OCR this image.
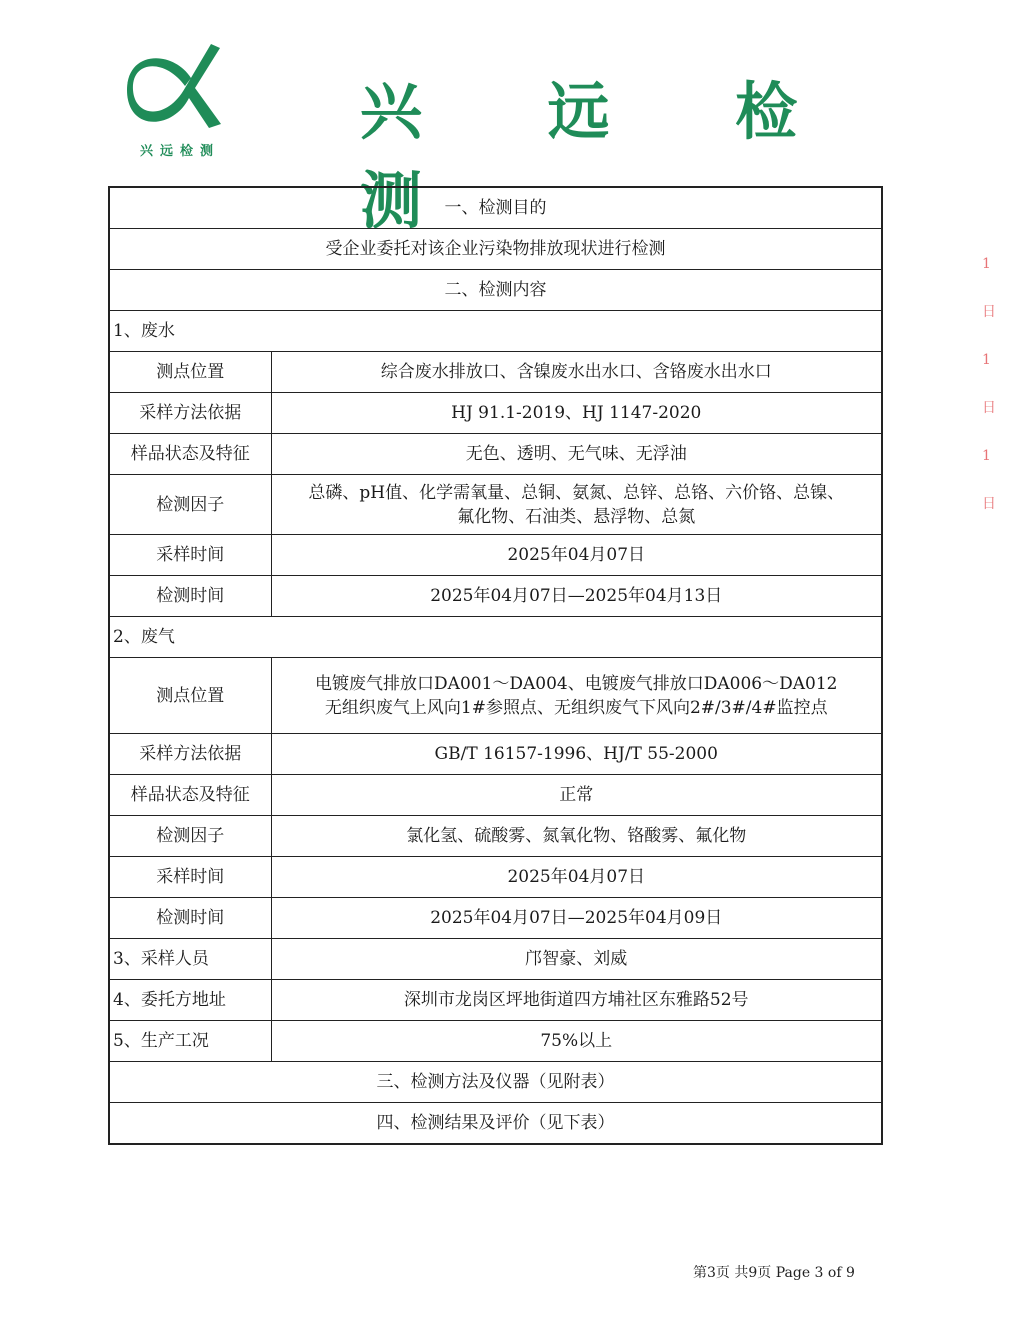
兴远检测
兴 远 检 测
1日 1日 1日
一、检测目的	
受企业委托对该企业污染物排放现状进行检测	
二、检测内容	
1、废水	
测点位置	综合废水排放口、含镍废水出水口、含铬废水出水口
采样方法依据	HJ 91.1-2019、HJ 1147-2020
样品状态及特征	无色、透明、无气味、无浮油
检测因子	总磷、pH值、化学需氧量、总铜、氨氮、总锌、总铬、六价铬、总镍、
氟化物、石油类、悬浮物、总氮

采样时间	2025年04月07日
检测时间	2025年04月07日—2025年04月13日
2、废气	
测点位置	电镀废气排放口DA001～DA004、电镀废气排放口DA006～DA012
无组织废气上风向1#参照点、无组织废气下风向2#/3#/4#监控点

采样方法依据	GB/T 16157-1996、HJ/T 55-2000
样品状态及特征	正常
检测因子	氯化氢、硫酸雾、氮氧化物、铬酸雾、氟化物
采样时间	2025年04月07日
检测时间	2025年04月07日—2025年04月09日
3、采样人员	邝智豪、刘威
4、委托方地址	深圳市龙岗区坪地街道四方埔社区东雅路52号
5、生产工况	75%以上
三、检测方法及仪器（见附表）	
四、检测结果及评价（见下表）	
第3页 共9页 Page 3 of 9
